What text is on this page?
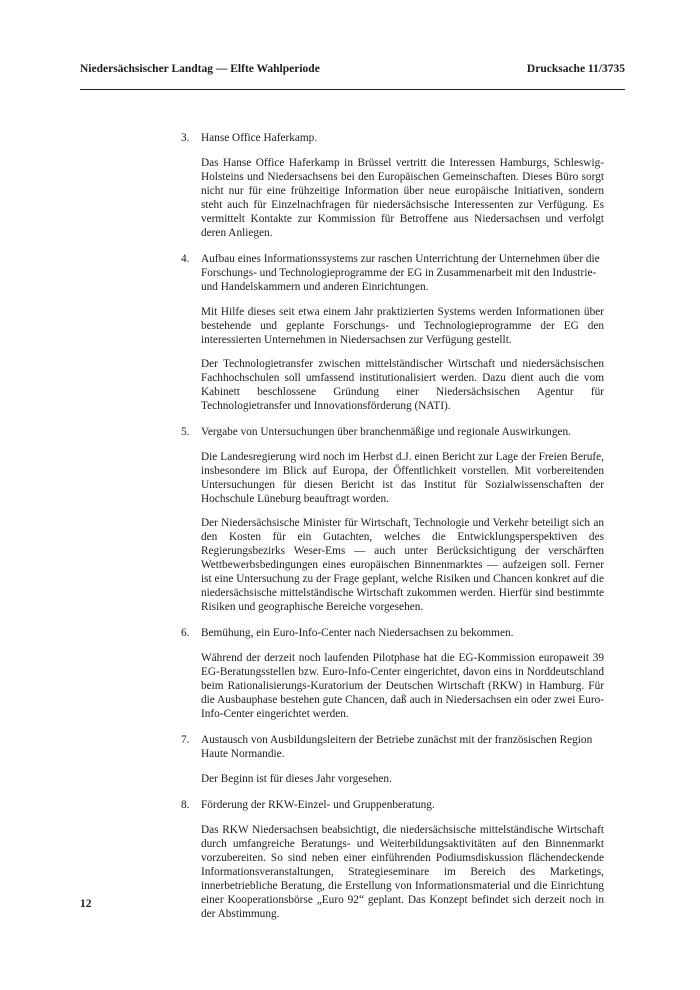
Niedersächsischer Landtag — Elfte Wahlperiode	Drucksache 11/3735
3. Hanse Office Haferkamp.

Das Hanse Office Haferkamp in Brüssel vertritt die Interessen Hamburgs, Schleswig-Holsteins und Niedersachsens bei den Europäischen Gemeinschaften. Dieses Büro sorgt nicht nur für eine frühzeitige Information über neue europäische Initiativen, sondern steht auch für Einzelnachfragen für niedersächsische Interessenten zur Verfügung. Es vermittelt Kontakte zur Kommission für Betroffene aus Niedersachsen und verfolgt deren Anliegen.

4. Aufbau eines Informationssystems zur raschen Unterrichtung der Unternehmen über die Forschungs- und Technologieprogramme der EG in Zusammenarbeit mit den Industrie- und Handelskammern und anderen Einrichtungen.

Mit Hilfe dieses seit etwa einem Jahr praktizierten Systems werden Informationen über bestehende und geplante Forschungs- und Technologieprogramme der EG den interessierten Unternehmen in Niedersachsen zur Verfügung gestellt.

Der Technologietransfer zwischen mittelständischer Wirtschaft und niedersächsischen Fachhochschulen soll umfassend institutionalisiert werden. Dazu dient auch die vom Kabinett beschlossene Gründung einer Niedersächsischen Agentur für Technologietransfer und Innovationsförderung (NATI).

5. Vergabe von Untersuchungen über branchenmäßige und regionale Auswirkungen.

Die Landesregierung wird noch im Herbst d.J. einen Bericht zur Lage der Freien Berufe, insbesondere im Blick auf Europa, der Öffentlichkeit vorstellen. Mit vorbereitenden Untersuchungen für diesen Bericht ist das Institut für Sozialwissenschaften der Hochschule Lüneburg beauftragt worden.

Der Niedersächsische Minister für Wirtschaft, Technologie und Verkehr beteiligt sich an den Kosten für ein Gutachten, welches die Entwicklungsperspektiven des Regierungsbezirks Weser-Ems — auch unter Berücksichtigung der verschärften Wettbewerbsbedingungen eines europäischen Binnenmarktes — aufzeigen soll. Ferner ist eine Untersuchung zu der Frage geplant, welche Risiken und Chancen konkret auf die niedersächsische mittelständische Wirtschaft zukommen werden. Hierfür sind bestimmte Risiken und geographische Bereiche vorgesehen.

6. Bemühung, ein Euro-Info-Center nach Niedersachsen zu bekommen.

Während der derzeit noch laufenden Pilotphase hat die EG-Kommission europaweit 39 EG-Beratungsstellen bzw. Euro-Info-Center eingerichtet, davon eins in Norddeutschland beim Rationalisierungs-Kuratorium der Deutschen Wirtschaft (RKW) in Hamburg. Für die Ausbauphase bestehen gute Chancen, daß auch in Niedersachsen ein oder zwei Euro-Info-Center eingerichtet werden.

7. Austausch von Ausbildungsleitern der Betriebe zunächst mit der französischen Region Haute Normandie.

Der Beginn ist für dieses Jahr vorgesehen.

8. Förderung der RKW-Einzel- und Gruppenberatung.

Das RKW Niedersachsen beabsichtigt, die niedersächsische mittelständische Wirtschaft durch umfangreiche Beratungs- und Weiterbildungsaktivitäten auf den Binnenmarkt vorzubereiten. So sind neben einer einführenden Podiumsdiskussion flächendeckende Informationsveranstaltungen, Strategieseminare im Bereich des Marketings, innerbetriebliche Beratung, die Erstellung von Informationsmaterial und die Einrichtung einer Kooperationsbörse „Euro 92“ geplant. Das Konzept befindet sich derzeit noch in der Abstimmung.

12
